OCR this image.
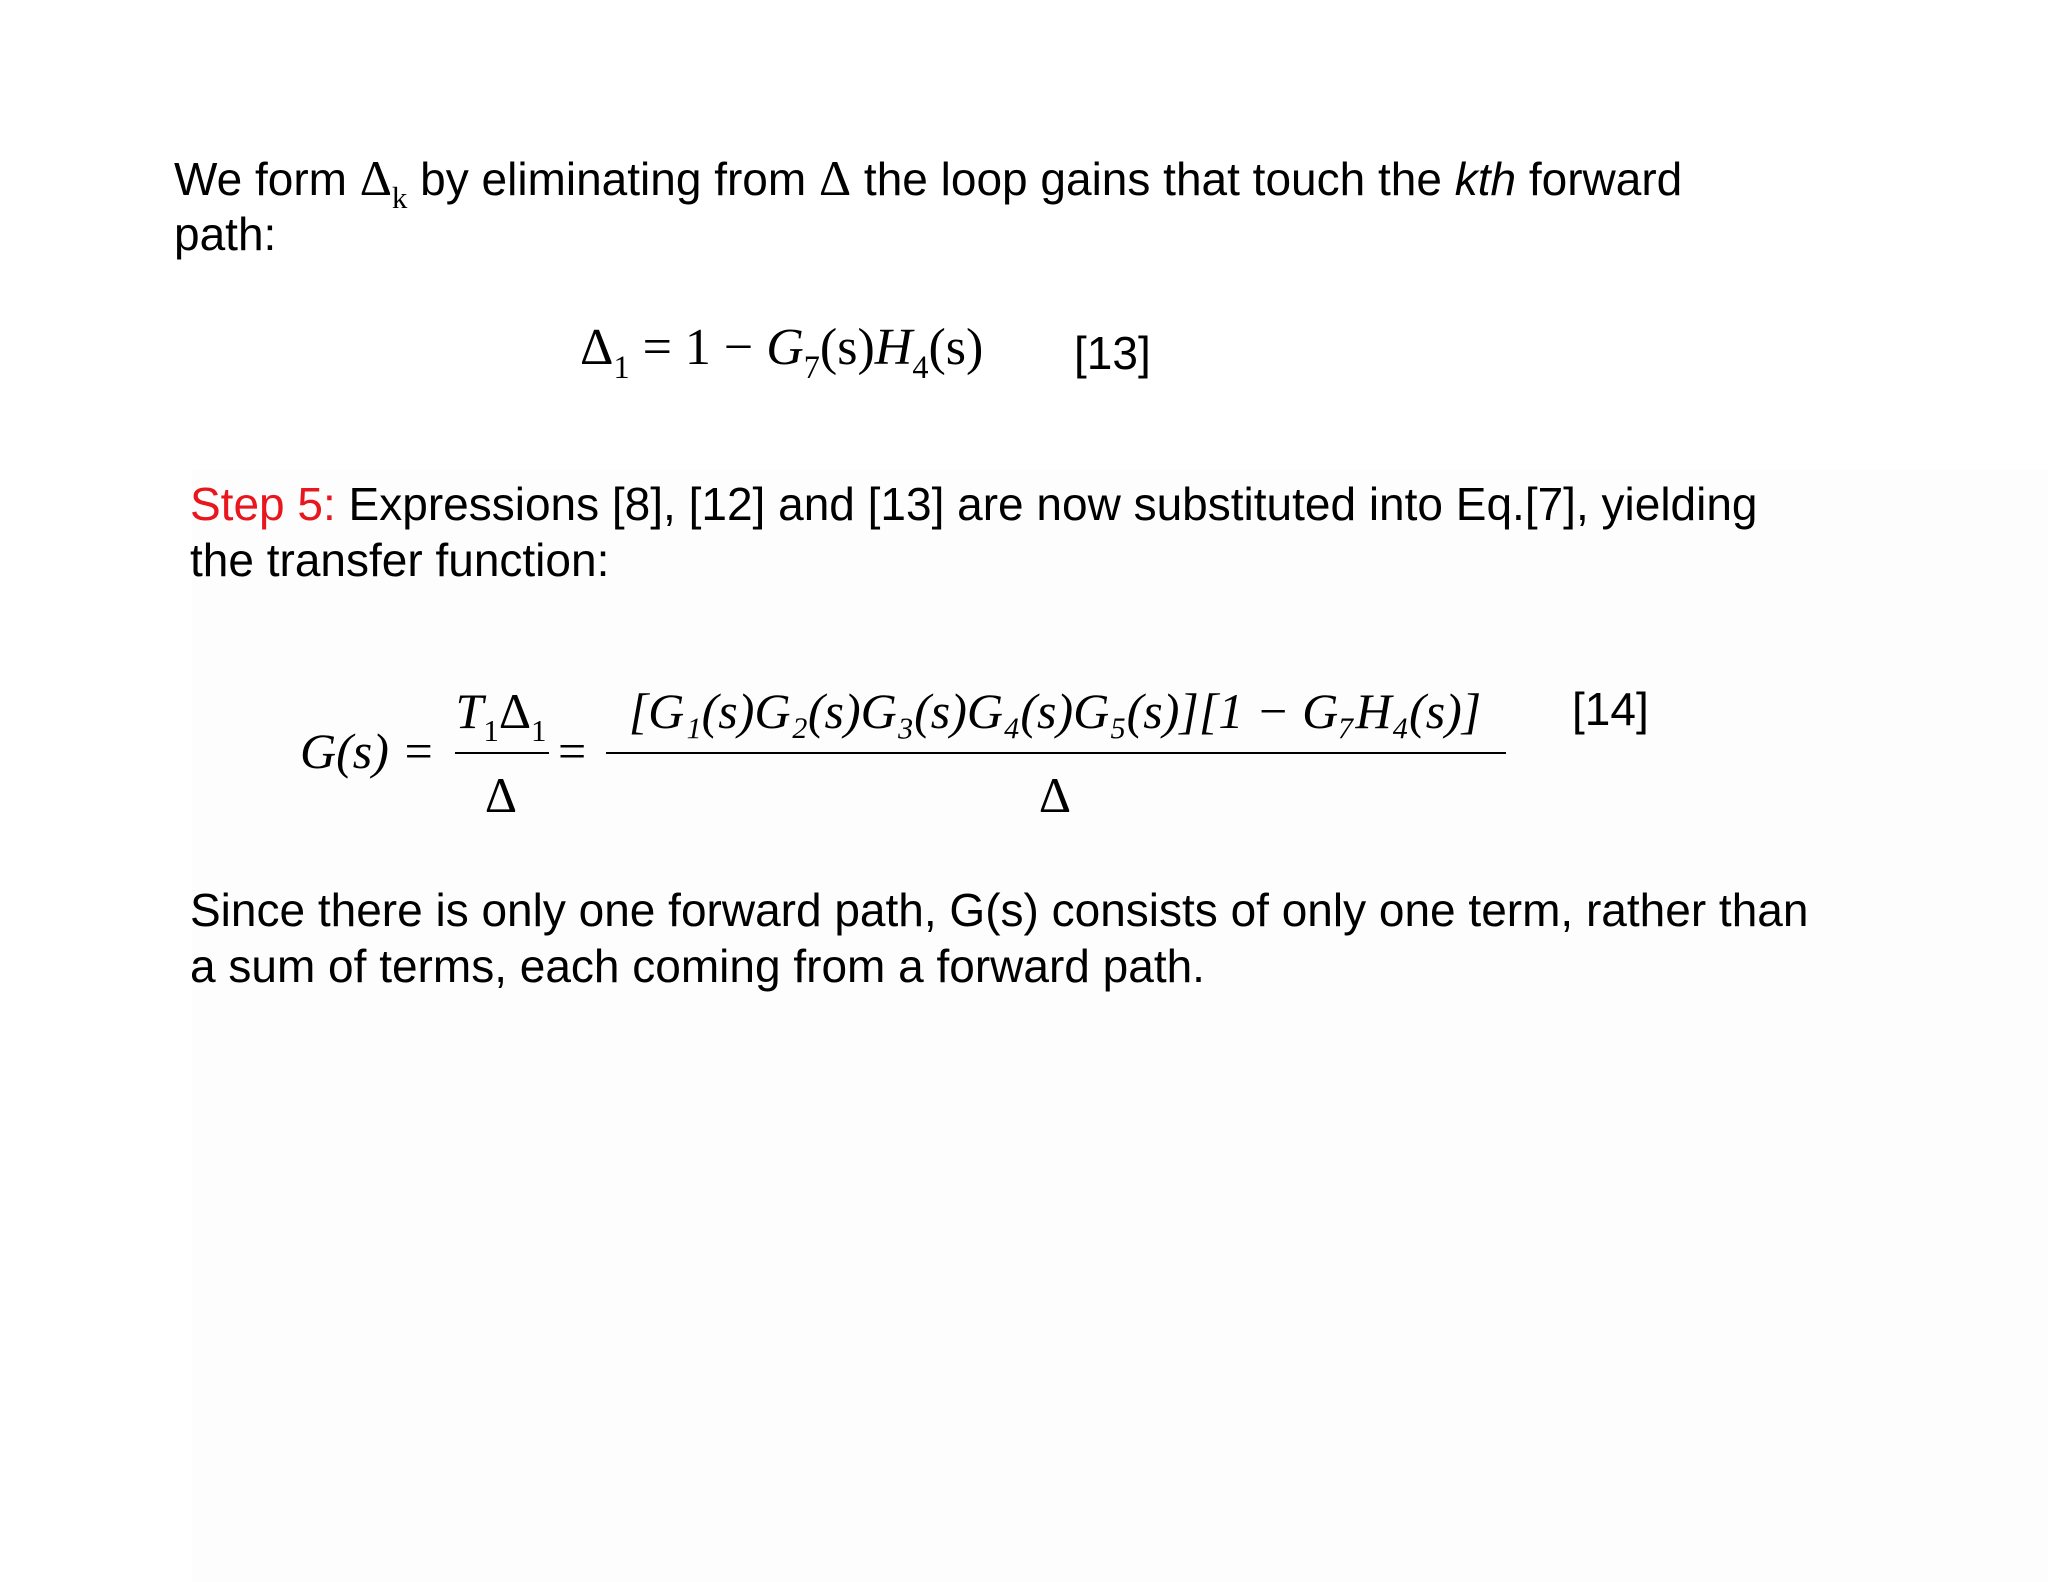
We form $\Delta_k$ by eliminating from Δ the loop gains that touch the kth forward
path:
$\Delta_1 = 1 - G_7(s)H_4(s)$ [13]
Step 5: Expressions [8], [12] and [13] are now substituted into Eq.[7], yielding
the transfer function:
G(s) =
$T_1\Delta_1$
Δ
=
[G₁(s)G₂(s)G₃(s)G₄(s)G₅(s)][1 − G₇H₄(s)]
Δ
[14]
Since there is only one forward path, G(s) consists of only one term, rather than
a sum of terms, each coming from a forward path.
